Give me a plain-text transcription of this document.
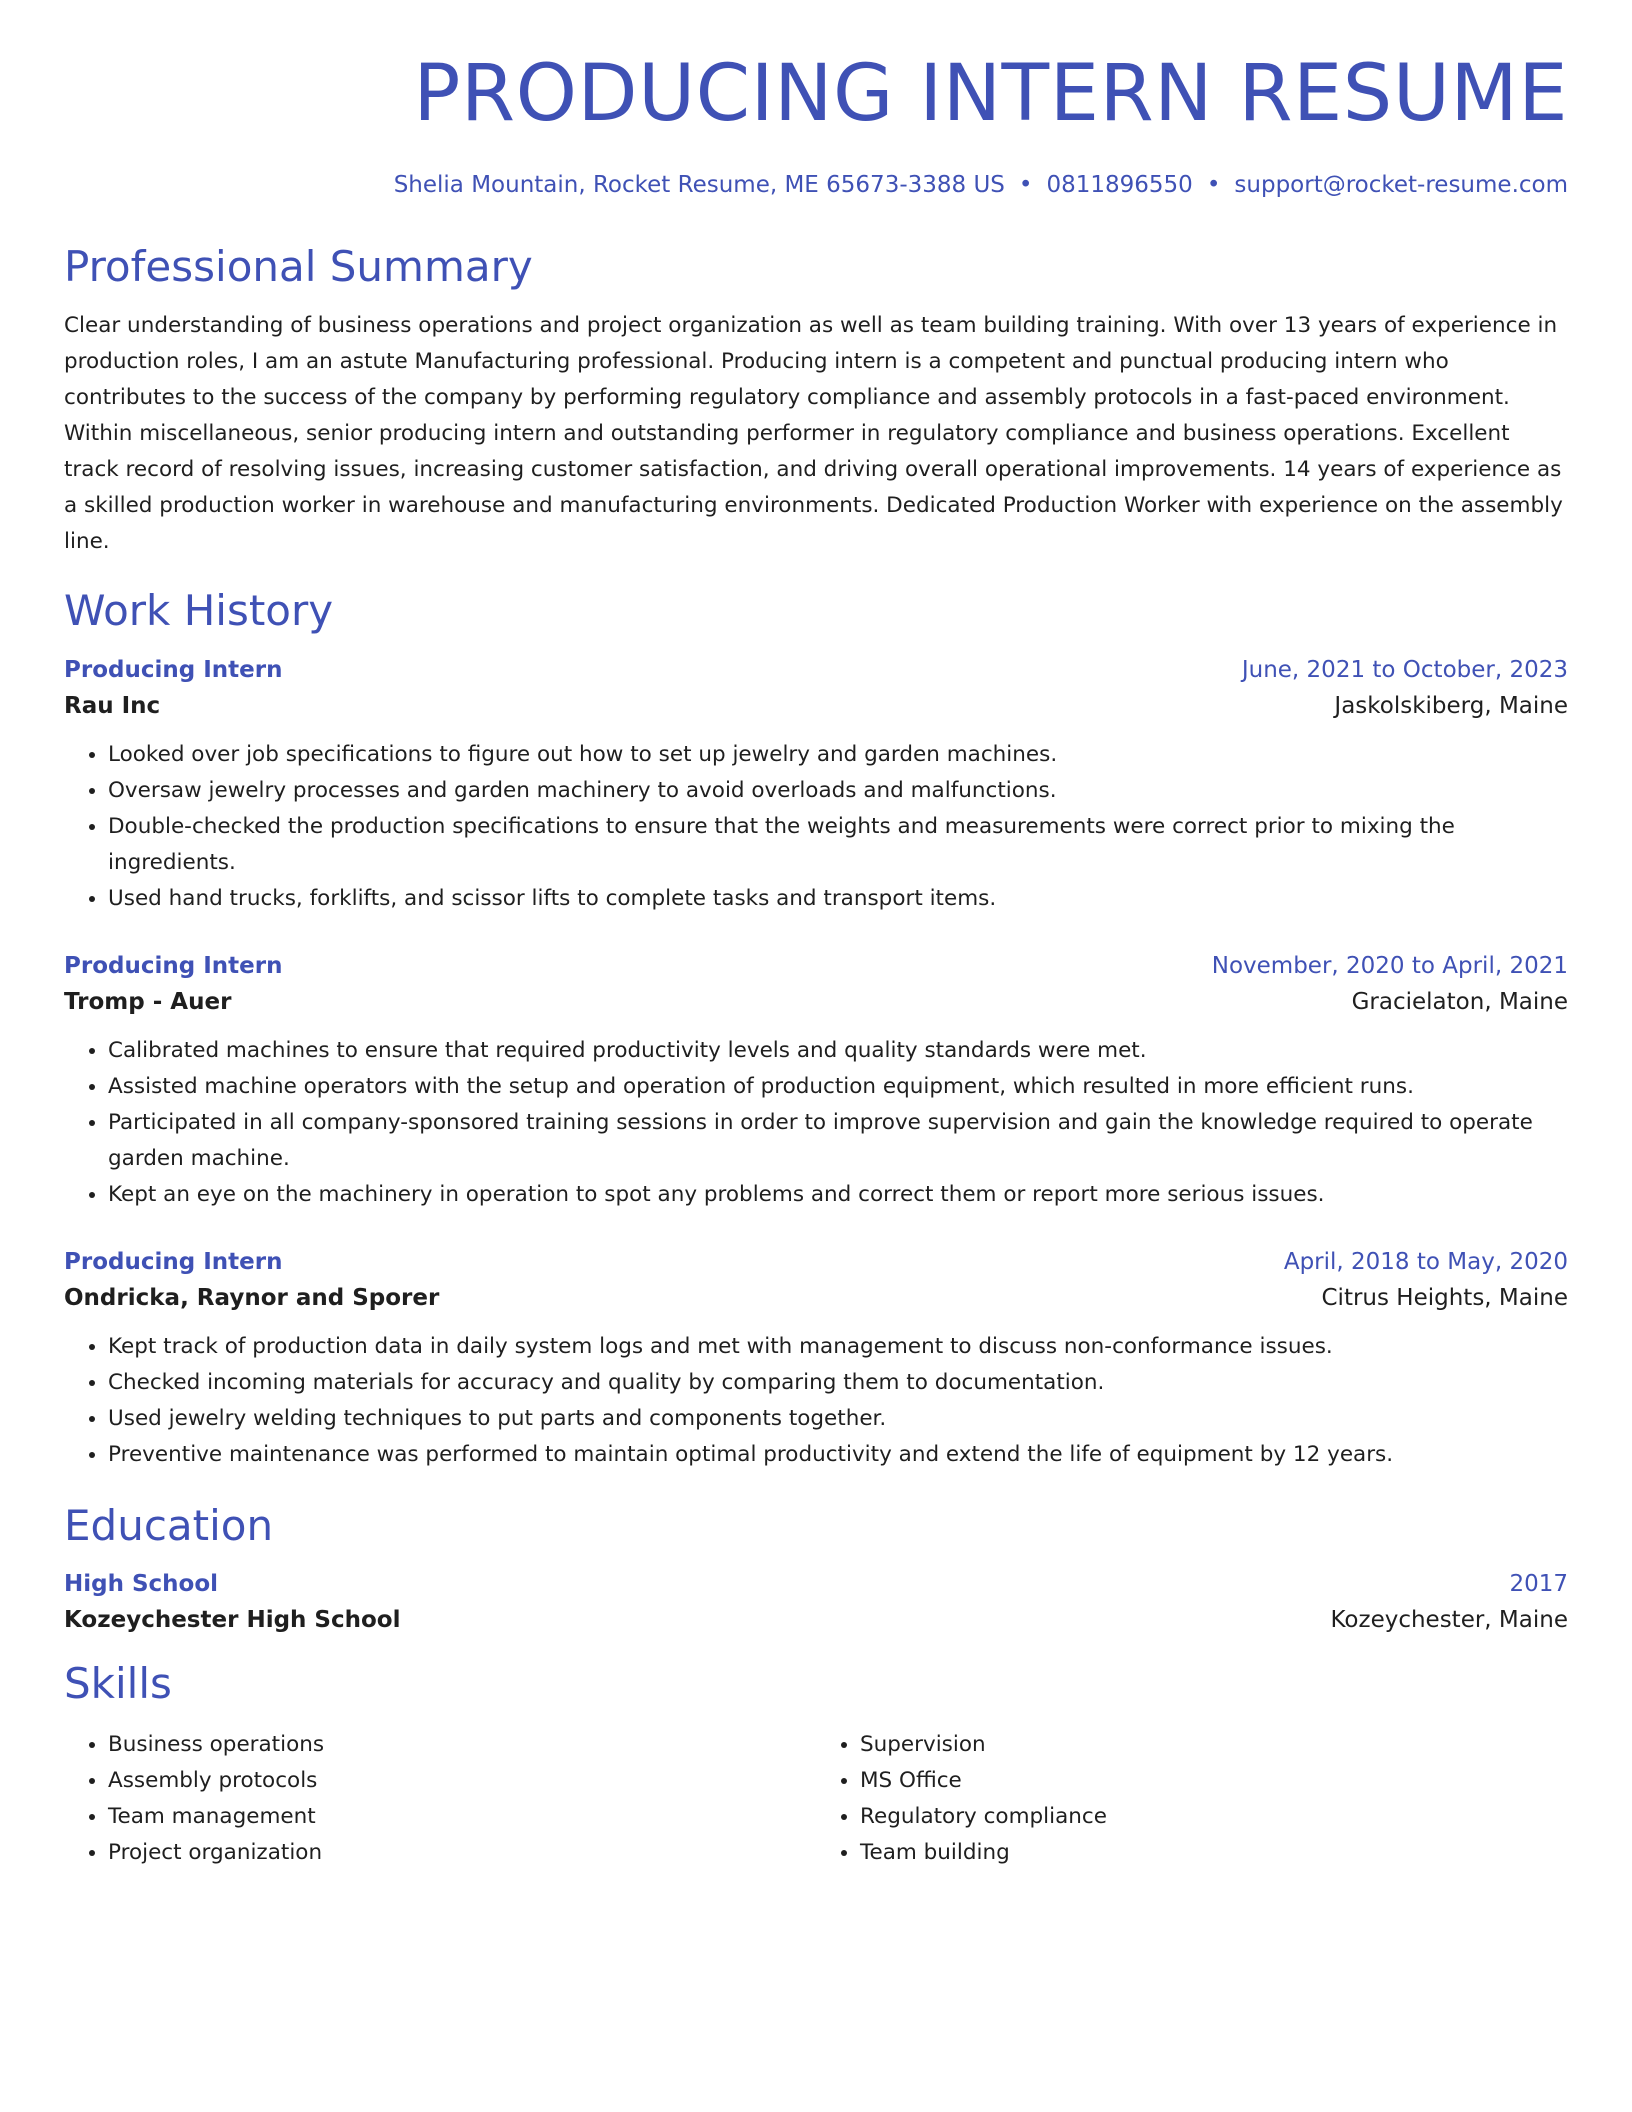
PRODUCING INTERN RESUME
Shelia Mountain, Rocket Resume, ME 65673-3388 US • 0811896550 • support@rocket-resume.com
Professional Summary
Clear understanding of business operations and project organization as well as team building training. With over 13 years of experience in production roles, I am an astute Manufacturing professional. Producing intern is a competent and punctual producing intern who contributes to the success of the company by performing regulatory compliance and assembly protocols in a fast-paced environment. Within miscellaneous, senior producing intern and outstanding performer in regulatory compliance and business operations. Excellent track record of resolving issues, increasing customer satisfaction, and driving overall operational improvements. 14 years of experience as a skilled production worker in warehouse and manufacturing environments. Dedicated Production Worker with experience on the assembly line.
Work History
Producing Intern	June, 2021 to October, 2023
Rau Inc	Jaskolskiberg, Maine
• Looked over job specifications to figure out how to set up jewelry and garden machines.
• Oversaw jewelry processes and garden machinery to avoid overloads and malfunctions.
• Double-checked the production specifications to ensure that the weights and measurements were correct prior to mixing the ingredients.
• Used hand trucks, forklifts, and scissor lifts to complete tasks and transport items.
Producing Intern	November, 2020 to April, 2021
Tromp - Auer	Gracielaton, Maine
• Calibrated machines to ensure that required productivity levels and quality standards were met.
• Assisted machine operators with the setup and operation of production equipment, which resulted in more efficient runs.
• Participated in all company-sponsored training sessions in order to improve supervision and gain the knowledge required to operate garden machine.
• Kept an eye on the machinery in operation to spot any problems and correct them or report more serious issues.
Producing Intern	April, 2018 to May, 2020
Ondricka, Raynor and Sporer	Citrus Heights, Maine
• Kept track of production data in daily system logs and met with management to discuss non-conformance issues.
• Checked incoming materials for accuracy and quality by comparing them to documentation.
• Used jewelry welding techniques to put parts and components together.
• Preventive maintenance was performed to maintain optimal productivity and extend the life of equipment by 12 years.
Education
High School	2017
Kozeychester High School	Kozeychester, Maine
Skills
• Business operations
• Assembly protocols
• Team management
• Project organization
• Supervision
• MS Office
• Regulatory compliance
• Team building
